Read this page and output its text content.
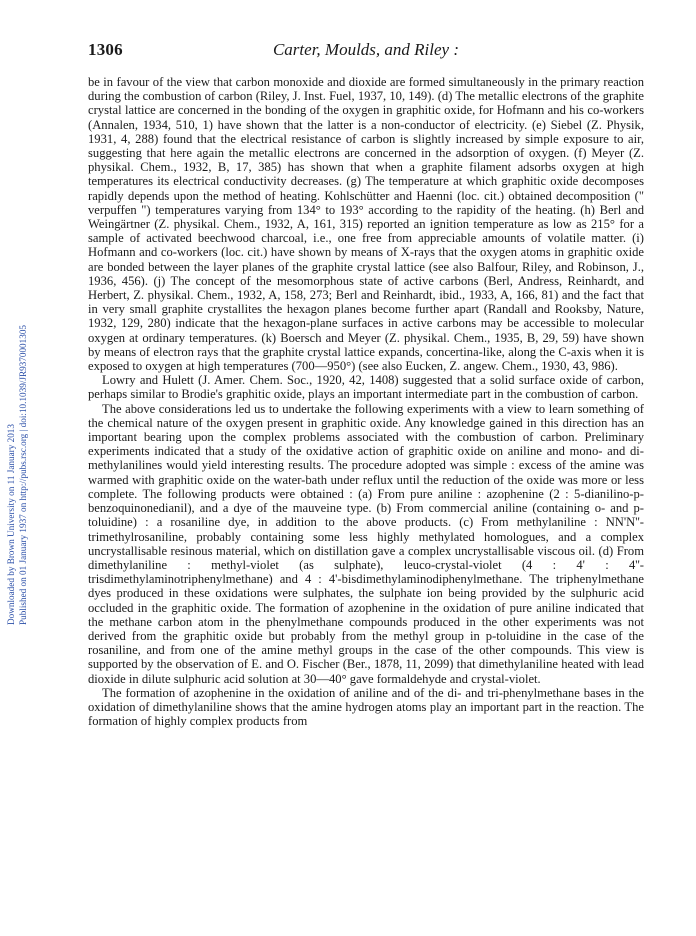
1306	Carter, Moulds, and Riley :
Downloaded by Brown University on 11 January 2013 Published on 01 January 1937 on http://pubs.rsc.org | doi:10.1039/JR9370001305

be in favour of the view that carbon monoxide and dioxide are formed simultaneously in the primary reaction during the combustion of carbon (Riley, J. Inst. Fuel, 1937, 10, 149). (d) The metallic electrons of the graphite crystal lattice are concerned in the bonding of the oxygen in graphitic oxide, for Hofmann and his co-workers (Annalen, 1934, 510, 1) have shown that the latter is a non-conductor of electricity. (e) Siebel (Z. Physik, 1931, 4, 288) found that the electrical resistance of carbon is slightly increased by simple exposure to air, suggesting that here again the metallic electrons are concerned in the adsorption of oxygen. (f) Meyer (Z. physikal. Chem., 1932, B, 17, 385) has shown that when a graphite filament adsorbs oxygen at high temperatures its electrical conductivity decreases. (g) The temperature at which graphitic oxide decomposes rapidly depends upon the method of heating. Kohlschütter and Haenni (loc. cit.) obtained decomposition (" verpuffen ") temperatures varying from 134° to 193° according to the rapidity of the heating. (h) Berl and Weingärtner (Z. physikal. Chem., 1932, A, 161, 315) reported an ignition temperature as low as 215° for a sample of activated beechwood charcoal, i.e., one free from appreciable amounts of volatile matter. (i) Hofmann and co-workers (loc. cit.) have shown by means of X-rays that the oxygen atoms in graphitic oxide are bonded between the layer planes of the graphite crystal lattice (see also Balfour, Riley, and Robinson, J., 1936, 456). (j) The concept of the mesomorphous state of active carbons (Berl, Andress, Reinhardt, and Herbert, Z. physikal. Chem., 1932, A, 158, 273; Berl and Reinhardt, ibid., 1933, A, 166, 81) and the fact that in very small graphite crystallites the hexagon planes become further apart (Randall and Rooksby, Nature, 1932, 129, 280) indicate that the hexagon-plane surfaces in active carbons may be accessible to molecular oxygen at ordinary temperatures. (k) Boersch and Meyer (Z. physikal. Chem., 1935, B, 29, 59) have shown by means of electron rays that the graphite crystal lattice expands, concertina-like, along the C-axis when it is exposed to oxygen at high temperatures (700—950°) (see also Eucken, Z. angew. Chem., 1930, 43, 986).

Lowry and Hulett (J. Amer. Chem. Soc., 1920, 42, 1408) suggested that a solid surface oxide of carbon, perhaps similar to Brodie's graphitic oxide, plays an important intermediate part in the combustion of carbon.

The above considerations led us to undertake the following experiments with a view to learn something of the chemical nature of the oxygen present in graphitic oxide. Any knowledge gained in this direction has an important bearing upon the complex problems associated with the combustion of carbon. Preliminary experiments indicated that a study of the oxidative action of graphitic oxide on aniline and mono- and di-methylanilines would yield interesting results. The procedure adopted was simple : excess of the amine was warmed with graphitic oxide on the water-bath under reflux until the reduction of the oxide was more or less complete. The following products were obtained : (a) From pure aniline : azophenine (2 : 5-dianilino-p-benzoquinonedianil), and a dye of the mauveine type. (b) From commercial aniline (containing o- and p-toluidine) : a rosaniline dye, in addition to the above products. (c) From methylaniline : NN'N''-trimethylrosaniline, probably containing some less highly methylated homologues, and a complex uncrystallisable resinous material, which on distillation gave a complex uncrystallisable viscous oil. (d) From dimethylaniline : methyl-violet (as sulphate), leuco-crystal-violet (4 : 4' : 4''-trisdimethylaminotriphenylmethane) and 4 : 4'-bisdimethylaminodiphenylmethane. The triphenylmethane dyes produced in these oxidations were sulphates, the sulphate ion being provided by the sulphuric acid occluded in the graphitic oxide. The formation of azophenine in the oxidation of pure aniline indicated that the methane carbon atom in the phenylmethane compounds produced in the other experiments was not derived from the graphitic oxide but probably from the methyl group in p-toluidine in the case of the rosaniline, and from one of the amine methyl groups in the case of the other compounds. This view is supported by the observation of E. and O. Fischer (Ber., 1878, 11, 2099) that dimethylaniline heated with lead dioxide in dilute sulphuric acid solution at 30—40° gave formaldehyde and crystal-violet.

The formation of azophenine in the oxidation of aniline and of the di- and tri-phenylmethane bases in the oxidation of dimethylaniline shows that the amine hydrogen atoms play an important part in the reaction. The formation of highly complex products from
